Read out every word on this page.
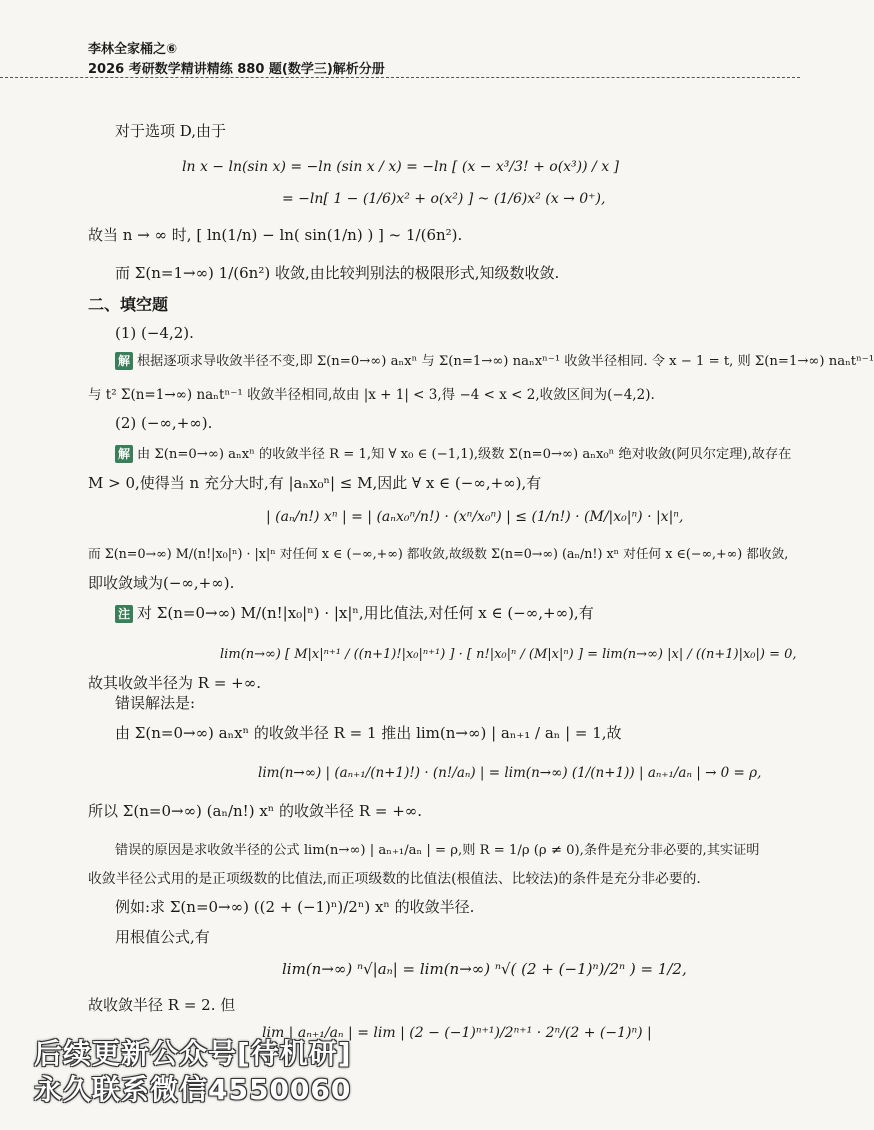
李林全家桶之⑥
2026 考研数学精讲精练 880 题(数学三)解析分册
对于选项 D,由于
ln x − ln(sin x) = −ln (sin x / x) = −ln [ (x − x³/3! + o(x³)) / x ]
= −ln[ 1 − (1/6)x² + o(x²) ] ~ (1/6)x² (x → 0⁺),
故当 n → ∞ 时, [ ln(1/n) − ln( sin(1/n) ) ] ~ 1/(6n²).
而 Σ(n=1→∞) 1/(6n²) 收敛,由比较判别法的极限形式,知级数收敛.
二、填空题
(1) (−4,2).
解 根据逐项求导收敛半径不变,即 Σ(n=0→∞) aₙxⁿ 与 Σ(n=1→∞) naₙxⁿ⁻¹ 收敛半径相同. 令 x − 1 = t, 则 Σ(n=1→∞) naₙtⁿ⁻¹
与 t² Σ(n=1→∞) naₙtⁿ⁻¹ 收敛半径相同,故由 |x + 1| < 3,得 −4 < x < 2,收敛区间为(−4,2).
(2) (−∞,+∞).
解 由 Σ(n=0→∞) aₙxⁿ 的收敛半径 R = 1,知 ∀ x₀ ∈ (−1,1),级数 Σ(n=0→∞) aₙx₀ⁿ 绝对收敛(阿贝尔定理),故存在
M > 0,使得当 n 充分大时,有 |aₙx₀ⁿ| ≤ M,因此 ∀ x ∈ (−∞,+∞),有
| (aₙ/n!) xⁿ | = | (aₙx₀ⁿ/n!) · (xⁿ/x₀ⁿ) | ≤ (1/n!) · (M/|x₀|ⁿ) · |x|ⁿ,
而 Σ(n=0→∞) M/(n!|x₀|ⁿ) · |x|ⁿ 对任何 x ∈ (−∞,+∞) 都收敛,故级数 Σ(n=0→∞) (aₙ/n!) xⁿ 对任何 x ∈(−∞,+∞) 都收敛,
即收敛域为(−∞,+∞).
注 对 Σ(n=0→∞) M/(n!|x₀|ⁿ) · |x|ⁿ,用比值法,对任何 x ∈ (−∞,+∞),有
lim(n→∞) [ M|x|ⁿ⁺¹ / ((n+1)!|x₀|ⁿ⁺¹) ] · [ n!|x₀|ⁿ / (M|x|ⁿ) ] = lim(n→∞) |x| / ((n+1)|x₀|) = 0,
故其收敛半径为 R = +∞.
错误解法是:
由 Σ(n=0→∞) aₙxⁿ 的收敛半径 R = 1 推出 lim(n→∞) | aₙ₊₁ / aₙ | = 1,故
lim(n→∞) | (aₙ₊₁/(n+1)!) · (n!/aₙ) | = lim(n→∞) (1/(n+1)) | aₙ₊₁/aₙ | → 0 = ρ,
所以 Σ(n=0→∞) (aₙ/n!) xⁿ 的收敛半径 R = +∞.
错误的原因是求收敛半径的公式 lim(n→∞) | aₙ₊₁/aₙ | = ρ,则 R = 1/ρ (ρ ≠ 0),条件是充分非必要的,其实证明
收敛半径公式用的是正项级数的比值法,而正项级数的比值法(根值法、比较法)的条件是充分非必要的.
例如:求 Σ(n=0→∞) ((2 + (−1)ⁿ)/2ⁿ) xⁿ 的收敛半径.
用根值公式,有
lim(n→∞) ⁿ√|aₙ| = lim(n→∞) ⁿ√( (2 + (−1)ⁿ)/2ⁿ ) = 1/2,
故收敛半径 R = 2. 但
lim | aₙ₊₁/aₙ | = lim | (2 − (−1)ⁿ⁺¹)/2ⁿ⁺¹ · 2ⁿ/(2 + (−1)ⁿ) |
后续更新公众号[待机研]
永久联系微信4550060
